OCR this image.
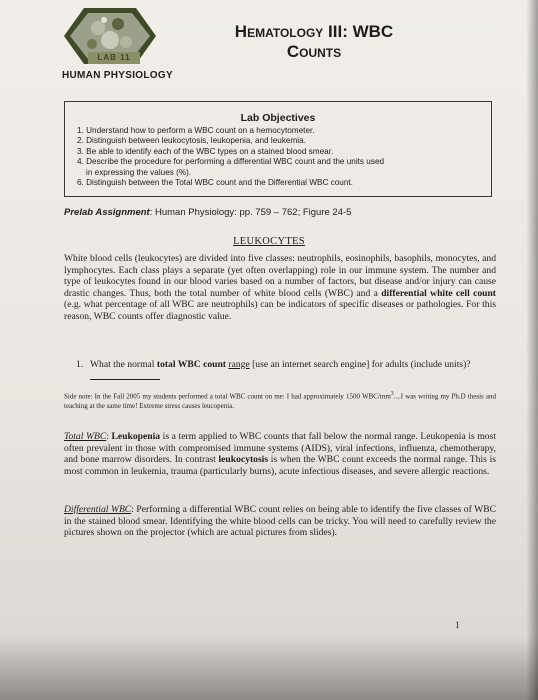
LAB 11
HUMAN PHYSIOLOGY
Hematology III: WBC
Counts
Lab Objectives
1. Understand how to perform a WBC count on a hemocytometer.
2. Distinguish between leukocytosis, leukopenia, and leukemia.
3. Be able to identify each of the WBC types on a stained blood smear.
4. Describe the procedure for performing a differential WBC count and the units used
in expressing the values (%).
6. Distinguish between the Total WBC count and the Differential WBC count.
Prelab Assignment: Human Physiology: pp. 759 – 762; Figure 24-5
LEUKOCYTES
White blood cells (leukocytes) are divided into five classes: neutrophils, eosinophils, basophils, monocytes, and lymphocytes. Each class plays a separate (yet often overlapping) role in our immune system. The number and type of leukocytes found in our blood varies based on a number of factors, but disease and/or injury can cause drastic changes. Thus, both the total number of white blood cells (WBC) and a differential white cell count (e.g. what percentage of all WBC are neutrophils) can be indicators of specific diseases or pathologies. For this reason, WBC counts offer diagnostic value.
1. What the normal total WBC count range [use an internet search engine] for adults (include units)?
Side note: In the Fall 2005 my students performed a total WBC count on me: I had approximately 1500 WBC/$mm^3....I$ was writing my Ph.D thesis and teaching at the same time! Extreme stress causes leucopenia.
Total WBC: Leukopenia is a term applied to WBC counts that fall below the normal range. Leukopenia is most often prevalent in those with compromised immune systems (AIDS), viral infections, influenza, chemotherapy, and bone marrow disorders. In contrast leukocytosis is when the WBC count exceeds the normal range. This is most common in leukemia, trauma (particularly burns), acute infectious diseases, and severe allergic reactions.
Differential WBC: Performing a differential WBC count relies on being able to identify the five classes of WBC in the stained blood smear. Identifying the white blood cells can be tricky. You will need to carefully review the pictures shown on the projector (which are actual pictures from slides).
1
